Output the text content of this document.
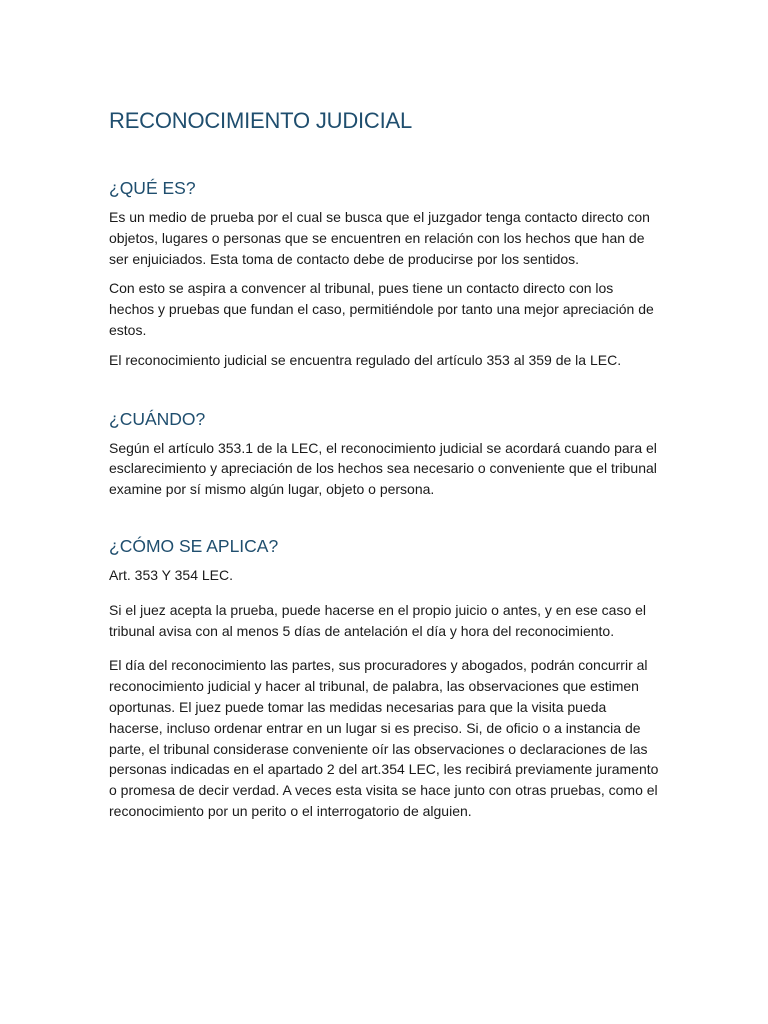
RECONOCIMIENTO JUDICIAL
¿QUÉ ES?

Es un medio de prueba por el cual se busca que el juzgador tenga contacto directo con objetos, lugares o personas que se encuentren en relación con los hechos que han de ser enjuiciados. Esta toma de contacto debe de producirse por los sentidos.

Con esto se aspira a convencer al tribunal, pues tiene un contacto directo con los hechos y pruebas que fundan el caso, permitiéndole por tanto una mejor apreciación de estos.

El reconocimiento judicial se encuentra regulado del artículo 353 al 359 de la LEC.

¿CUÁNDO?

Según el artículo 353.1 de la LEC, el reconocimiento judicial se acordará cuando para el esclarecimiento y apreciación de los hechos sea necesario o conveniente que el tribunal examine por sí mismo algún lugar, objeto o persona.

¿CÓMO SE APLICA?

Art. 353 Y 354 LEC.

Si el juez acepta la prueba, puede hacerse en el propio juicio o antes, y en ese caso el tribunal avisa con al menos 5 días de antelación el día y hora del reconocimiento.

El día del reconocimiento las partes, sus procuradores y abogados, podrán concurrir al reconocimiento judicial y hacer al tribunal, de palabra, las observaciones que estimen oportunas. El juez puede tomar las medidas necesarias para que la visita pueda hacerse, incluso ordenar entrar en un lugar si es preciso. Si, de oficio o a instancia de parte, el tribunal considerase conveniente oír las observaciones o declaraciones de las personas indicadas en el apartado 2 del art.354 LEC, les recibirá previamente juramento o promesa de decir verdad. A veces esta visita se hace junto con otras pruebas, como el reconocimiento por un perito o el interrogatorio de alguien.
